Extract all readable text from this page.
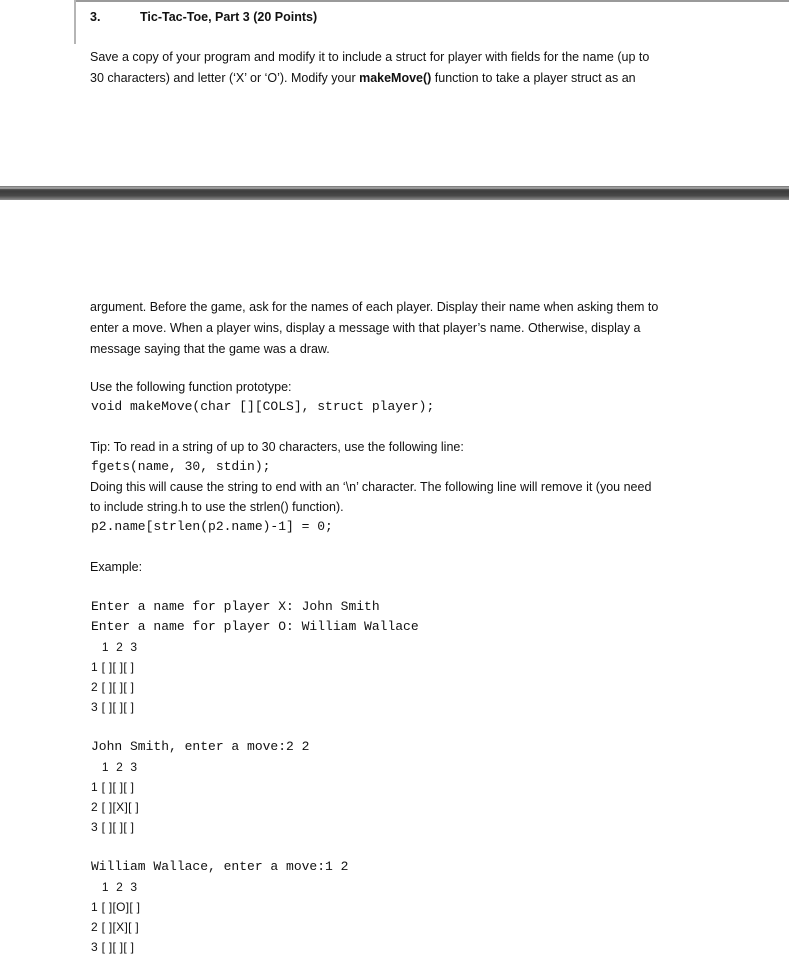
3.	Tic-Tac-Toe, Part 3 (20 Points)

Save a copy of your program and modify it to include a struct for player with fields for the name (up to
30 characters) and letter (‘X’ or ‘O’). Modify your makeMove() function to take a player struct as an

argument. Before the game, ask for the names of each player. Display their name when asking them to
enter a move. When a player wins, display a message with that player’s name. Otherwise, display a
message saying that the game was a draw.

Use the following function prototype:
void makeMove(char [][COLS], struct player);
Tip: To read in a string of up to 30 characters, use the following line:
fgets(name, 30, stdin);
Doing this will cause the string to end with an ‘\n’ character. The following line will remove it (you need
to include string.h to use the strlen() function).
p2.name[strlen(p2.name)-1] = 0;
Example:
Enter a name for player X: John Smith
Enter a name for player O: William Wallace
1  2  3
1 [ ][ ][ ]
2 [ ][ ][ ]
3 [ ][ ][ ]
John Smith, enter a move:2 2
1  2  3
1 [ ][ ][ ]
2 [ ][X][ ]
3 [ ][ ][ ]
William Wallace, enter a move:1 2
1  2  3
1 [ ][O][ ]
2 [ ][X][ ]
3 [ ][ ][ ]
